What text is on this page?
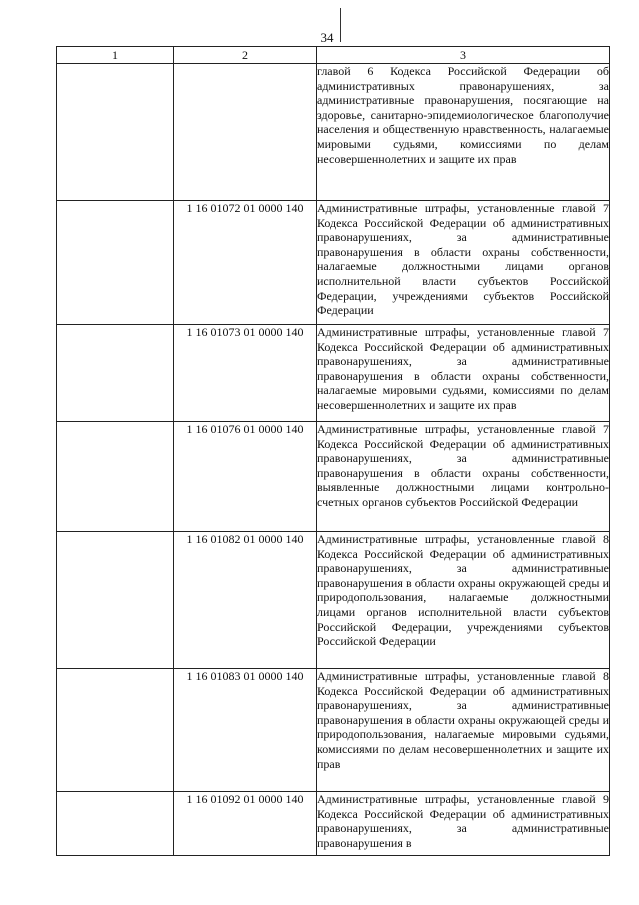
34
1	2	3

		главой 6 Кодекса Российской Федерации об административных правонарушениях, за административные правонарушения, посягающие на здоровье, санитарно-эпидемиологическое благополучие населения и общественную нравственность, налагаемые мировыми судьями, комиссиями по делам несовершеннолетних и защите их прав

	1 16 01072 01 0000 140	Административные штрафы, установленные главой 7 Кодекса Российской Федерации об административных правонарушениях, за административные правонарушения в области охраны собственности, налагаемые должностными лицами органов исполнительной власти субъектов Российской Федерации, учреждениями субъектов Российской Федерации

	1 16 01073 01 0000 140	Административные штрафы, установленные главой 7 Кодекса Российской Федерации об административных правонарушениях, за административные правонарушения в области охраны собственности, налагаемые мировыми судьями, комиссиями по делам несовершеннолетних и защите их прав

	1 16 01076 01 0000 140	Административные штрафы, установленные главой 7 Кодекса Российской Федерации об административных правонарушениях, за административные правонарушения в области охраны собственности, выявленные должностными лицами контрольно-счетных органов субъектов Российской Федерации

	1 16 01082 01 0000 140	Административные штрафы, установленные главой 8 Кодекса Российской Федерации об административных правонарушениях, за административные правонарушения в области охраны окружающей среды и природопользования, налагаемые должностными лицами органов исполнительной власти субъектов Российской Федерации, учреждениями субъектов Российской Федерации

	1 16 01083 01 0000 140	Административные штрафы, установленные главой 8 Кодекса Российской Федерации об административных правонарушениях, за административные правонарушения в области охраны окружающей среды и природопользования, налагаемые мировыми судьями, комиссиями по делам несовершеннолетних и защите их прав

	1 16 01092 01 0000 140	Административные штрафы, установленные главой 9 Кодекса Российской Федерации об административных правонарушениях, за административные правонарушения в
